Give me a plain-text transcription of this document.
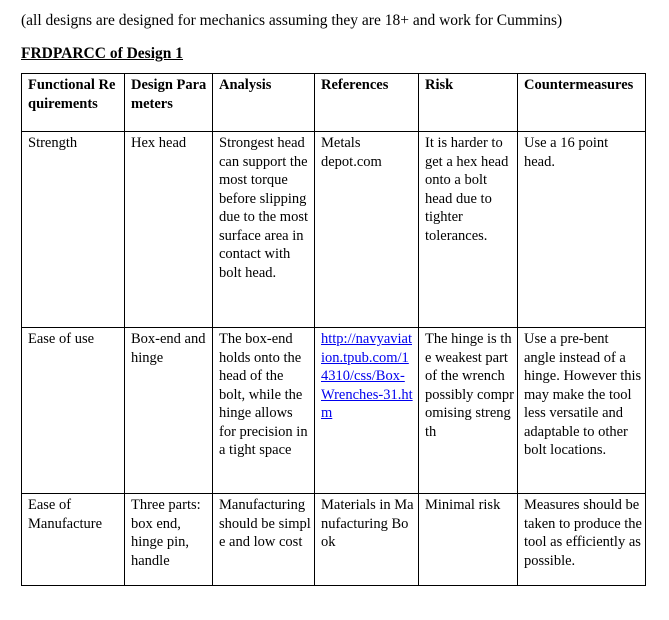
(all designs are designed for mechanics assuming they are 18+ and work for Cummins)
FRDPARCC of Design 1
Functional Requirements	Design Parameters	Analysis	References	Risk	Countermeasures
Strength	Hex head	Strongest head can support the most torque before slipping due to the most surface area in contact with bolt head.	Metals depot.com	It is harder to get a hex head onto a bolt head due to tighter tolerances.	Use a 16 point head.
Ease of use	Box-end and hinge	The box-end holds onto the head of the bolt, while the hinge allows for precision in a tight space	http://navyaviation.tpub.com/14310/css/Box-Wrenches-31.htm	The hinge is the weakest part of the wrench possibly compromising strength	Use a pre-bent angle instead of a hinge. However this may make the tool less versatile and adaptable to other bolt locations.
Ease of Manufacture	Three parts: box end, hinge pin, handle	Manufacturing should be simple and low cost	Materials in Manufacturing Book	Minimal risk	Measures should be taken to produce the tool as efficiently as possible.
